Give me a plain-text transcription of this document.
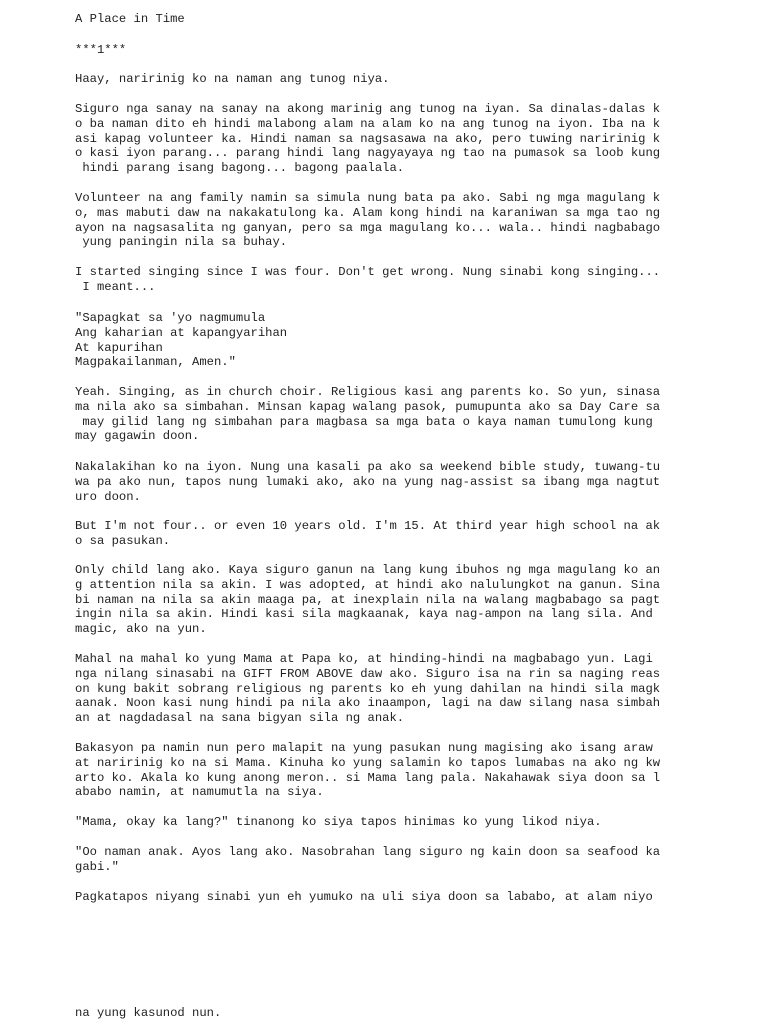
A Place in Time
***1***
Haay, naririnig ko na naman ang tunog niya.
Siguro nga sanay na sanay na akong marinig ang tunog na iyan. Sa dinalas-dalas k
o ba naman dito eh hindi malabong alam na alam ko na ang tunog na iyon. Iba na k
asi kapag volunteer ka. Hindi naman sa nagsasawa na ako, pero tuwing naririnig k
o kasi iyon parang... parang hindi lang nagyayaya ng tao na pumasok sa loob kung
hindi parang isang bagong... bagong paalala.
Volunteer na ang family namin sa simula nung bata pa ako. Sabi ng mga magulang k
o, mas mabuti daw na nakakatulong ka. Alam kong hindi na karaniwan sa mga tao ng
ayon na nagsasalita ng ganyan, pero sa mga magulang ko... wala.. hindi nagbabago
yung paningin nila sa buhay.
I started singing since I was four. Don't get wrong. Nung sinabi kong singing...
I meant...
"Sapagkat sa 'yo nagmumula
Ang kaharian at kapangyarihan
At kapurihan
Magpakailanman, Amen."
Yeah. Singing, as in church choir. Religious kasi ang parents ko. So yun, sinasa
ma nila ako sa simbahan. Minsan kapag walang pasok, pumupunta ako sa Day Care sa
may gilid lang ng simbahan para magbasa sa mga bata o kaya naman tumulong kung
may gagawin doon.
Nakalakihan ko na iyon. Nung una kasali pa ako sa weekend bible study, tuwang-tu
wa pa ako nun, tapos nung lumaki ako, ako na yung nag-assist sa ibang mga nagtut
uro doon.
But I'm not four.. or even 10 years old. I'm 15. At third year high school na ak
o sa pasukan.
Only child lang ako. Kaya siguro ganun na lang kung ibuhos ng mga magulang ko an
g attention nila sa akin. I was adopted, at hindi ako nalulungkot na ganun. Sina
bi naman na nila sa akin maaga pa, at inexplain nila na walang magbabago sa pagt
ingin nila sa akin. Hindi kasi sila magkaanak, kaya nag-ampon na lang sila. And
magic, ako na yun.
Mahal na mahal ko yung Mama at Papa ko, at hinding-hindi na magbabago yun. Lagi
nga nilang sinasabi na GIFT FROM ABOVE daw ako. Siguro isa na rin sa naging reas
on kung bakit sobrang religious ng parents ko eh yung dahilan na hindi sila magk
aanak. Noon kasi nung hindi pa nila ako inaampon, lagi na daw silang nasa simbah
an at nagdadasal na sana bigyan sila ng anak.
Bakasyon pa namin nun pero malapit na yung pasukan nung magising ako isang araw
at naririnig ko na si Mama. Kinuha ko yung salamin ko tapos lumabas na ako ng kw
arto ko. Akala ko kung anong meron.. si Mama lang pala. Nakahawak siya doon sa l
ababo namin, at namumutla na siya.
"Mama, okay ka lang?" tinanong ko siya tapos hinimas ko yung likod niya.
"Oo naman anak. Ayos lang ako. Nasobrahan lang siguro ng kain doon sa seafood ka
gabi."
Pagkatapos niyang sinabi yun eh yumuko na uli siya doon sa lababo, at alam niyo
na yung kasunod nun.
